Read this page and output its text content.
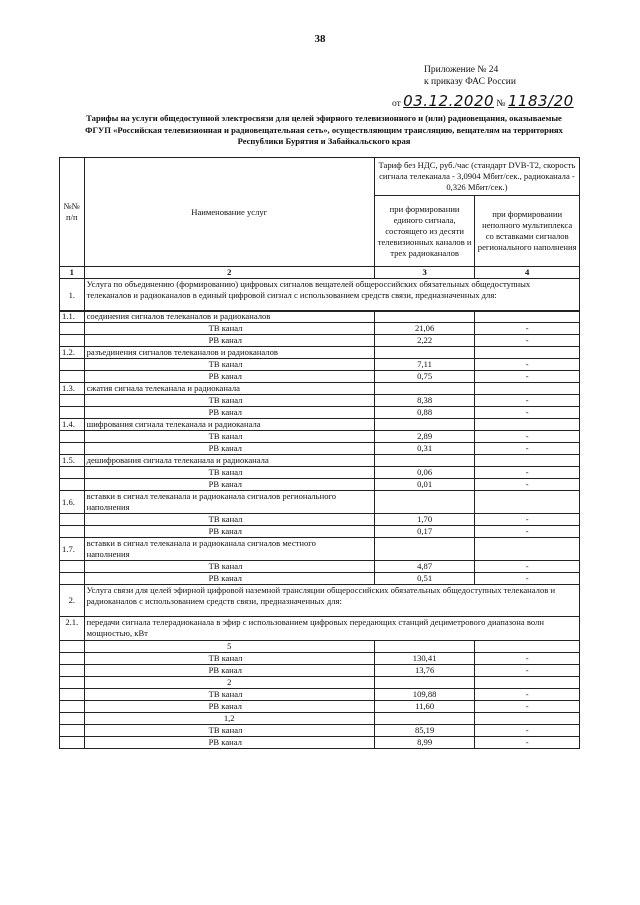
38
Приложение № 24
к приказу ФАС России
от 03.12.2020 № 1183/20
Тарифы на услуги общедоступной электросвязи для целей эфирного телевизионного и (или) радиовещания, оказываемые
ФГУП «Российская телевизионная и радиовещательная сеть», осуществляющим трансляцию, вещателям на территориях
Республики Бурятия и Забайкальского края
№№ п/п	Наименование услуг	Тариф без НДС, руб./час (стандарт DVB-T2, скорость сигнала телеканала - 3,0904 Мбит/сек., радиоканала - 0,326 Мбит/сек.)	
		при формировании единого сигнала, состоящего из десяти телевизионных каналов и трех радиоканалов	при формировании неполного мультиплекса со вставками сигналов регионального наполнения
1	2	3	4
1.	Услуга по объединению (формированию) цифровых сигналов вещателей общероссийских обязательных общедоступных телеканалов и радиоканалов в единый цифровой сигнал с использованием средств связи, предназначенных для:		
1.1.	соединения сигналов телеканалов и радиоканалов		
	ТВ канал	21,06	-
	РВ канал	2,22	-
1.2.	разъединения сигналов телеканалов и радиоканалов		
	ТВ канал	7,11	-
	РВ канал	0,75	-
1.3.	сжатия сигнала телеканала и радиоканала		
	ТВ канал	8,38	-
	РВ канал	0,88	-
1.4.	шифрования сигнала телеканала и радиоканала		
	ТВ канал	2,89	-
	РВ канал	0,31	-
1.5.	дешифрования сигнала телеканала и радиоканала		
	ТВ канал	0,06	-
	РВ канал	0,01	-
1.6.	вставки в сигнал телеканала и радиоканала сигналов регионального наполнения		
	ТВ канал	1,70	-
	РВ канал	0,17	-
1.7.	вставки в сигнал телеканала и радиоканала сигналов местного наполнения		
	ТВ канал	4,87	-
	РВ канал	0,51	-
2.	Услуга связи для целей эфирной цифровой наземной трансляции общероссийских обязательных общедоступных телеканалов и радиоканалов с использованием средств связи, предназначенных для:		
2.1.	передачи сигнала телерадиоканала в эфир с использованием цифровых передающих станций дециметрового диапазона волн мощностью, кВт		
	5		
	ТВ канал	130,41	-
	РВ канал	13,76	-
	2		
	ТВ канал	109,88	-
	РВ канал	11,60	-
	1,2		
	ТВ канал	85,19	-
	РВ канал	8,99	-
